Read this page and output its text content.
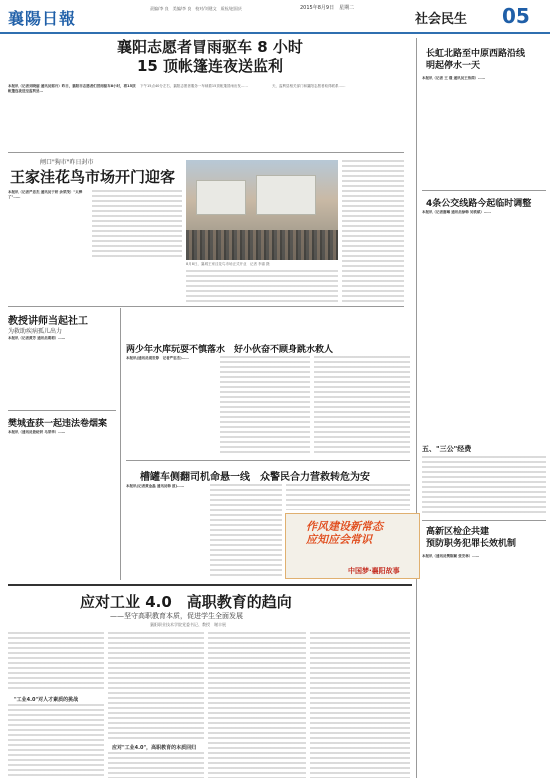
襄陽日報
责编/李 良　美编/李 良　校对/刘建文　质检/赵国庆	2015年8月9日　星期二
社会民生 05
襄阳志愿者冒雨驱车 8 小时
15 顶帐篷连夜送监利
本报讯（记者刘晓丽 通讯员郭丹）昨日，襄阳市志愿者们冒雨驱车8小时，将15顶帐篷连夜送至监利县…
下午15点40分左右，襄阳志愿者服务一车载着15顶帐篷冒雨出发……	天，监利县相关部门和襄阳志愿者取得联系……
闸口"狗市"昨日封市
王家洼花鸟市场开门迎客
本报讯（记者严忠杰 通讯员于妍 余荣茂）"太棒了"……
8月8日，襄城王家洼花鸟市场正式开业　记者 李嘉 摄
长虹北路至中原西路沿线
明起停水一天
本报讯（记者 王 璟 通讯员王伟茵）……
4条公交线路今起临时调整
本报讯（记者谢琳 通讯员徐韩 吴轶斌）……
五、"三公"经费
高新区检企共建
预防职务犯罪长效机制
本报讯（通讯员樊陈颖 张安林）……
教授讲师当起社工
为救助疾病孤儿出力
本报讯（记者黄芳 通讯员葛莉）……
樊城查获一起违法卷烟案
本报讯（通讯员聂纺妍 马荣华）……
两少年水库玩耍不慎落水　好小伙奋不顾身跳水救人
本报讯(通讯员胡世铮　记者严忠杰)……
槽罐车侧翻司机命悬一线　众警民合力营救转危为安
本报讯(记者黄金磊 通讯员韩 波)……
作风建设新常态
应知应会常识
中国梦·襄阳故事
应对工业 4.0　高职教育的趋向
——坚守高职教育本质，促进学生全面发展
襄阳职业技术学院党委书记、教授　谢丰展
"工业4.0"对人才素质的挑战
应对"工业4.0"，高职教育的本质回归
